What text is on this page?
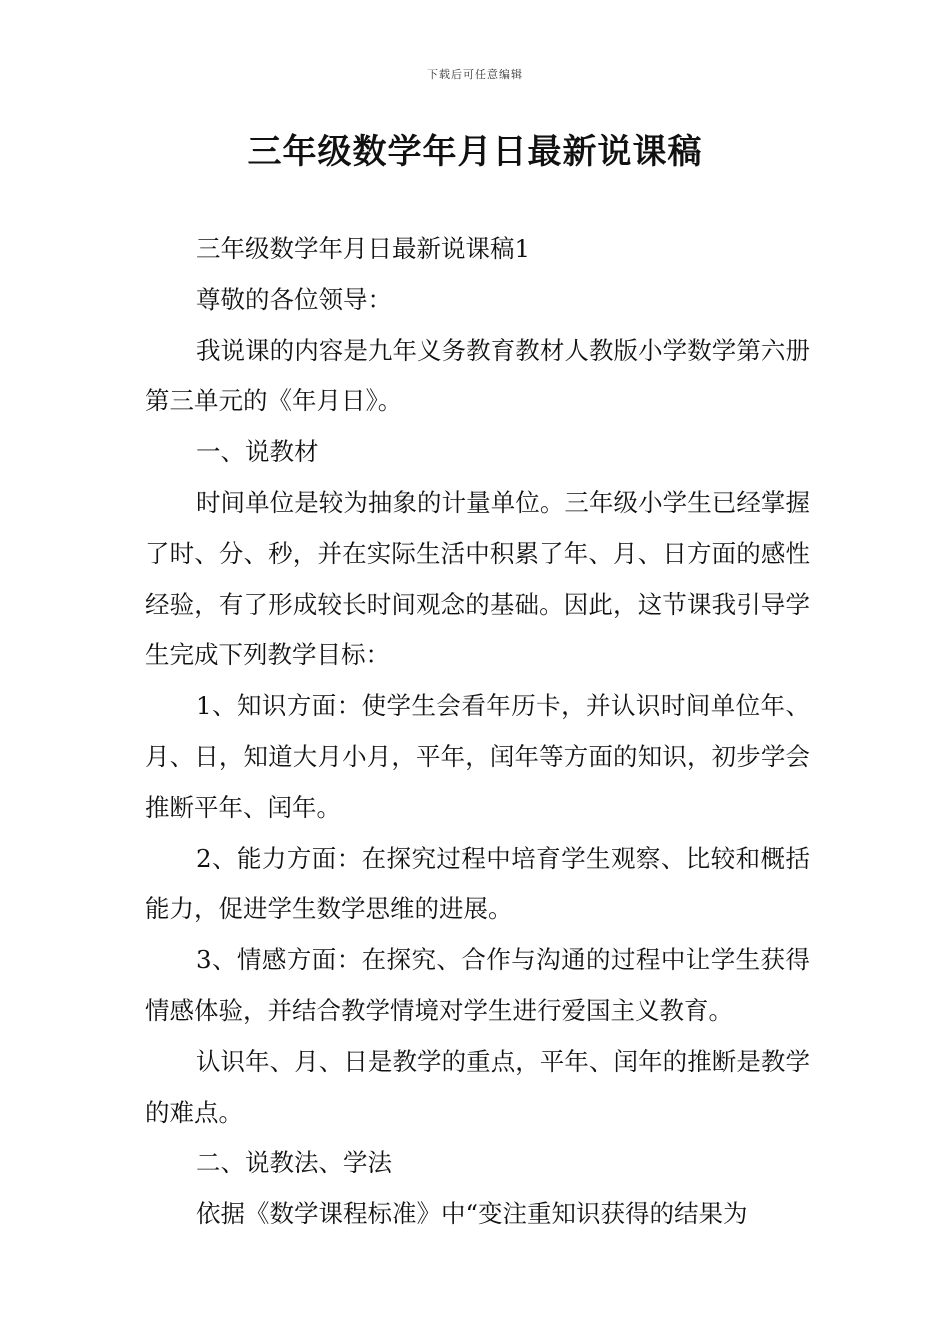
下载后可任意编辑
三年级数学年月日最新说课稿

三年级数学年月日最新说课稿1

尊敬的各位领导：

我说课的内容是九年义务教育教材人教版小学数学第六册第三单元的《年月日》。

一、说教材

时间单位是较为抽象的计量单位。三年级小学生已经掌握了时、分、秒，并在实际生活中积累了年、月、日方面的感性经验，有了形成较长时间观念的基础。因此，这节课我引导学生完成下列教学目标：

1、知识方面：使学生会看年历卡，并认识时间单位年、月、日，知道大月小月，平年，闰年等方面的知识，初步学会推断平年、闰年。

2、能力方面：在探究过程中培育学生观察、比较和概括能力，促进学生数学思维的进展。

3、情感方面：在探究、合作与沟通的过程中让学生获得情感体验，并结合教学情境对学生进行爱国主义教育。

认识年、月、日是教学的重点，平年、闰年的推断是教学的难点。

二、说教法、学法

依据《数学课程标准》中“变注重知识获得的结果为
